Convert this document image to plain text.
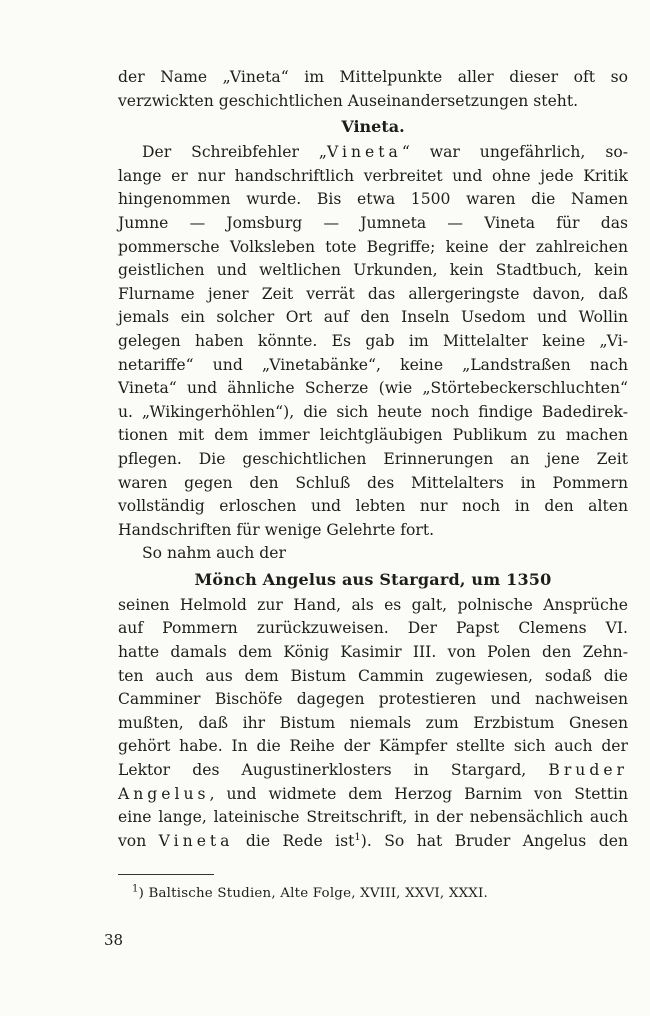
der Name „Vineta“ im Mittelpunkte aller dieser oft so
verzwickten geschichtlichen Auseinandersetzungen steht.
Vineta.
Der Schreibfehler „Vineta“ war ungefährlich, so-
lange er nur handschriftlich verbreitet und ohne jede Kritik
hingenommen wurde. Bis etwa 1500 waren die Namen
Jumne — Jomsburg — Jumneta — Vineta für das
pommersche Volksleben tote Begriffe; keine der zahlreichen
geistlichen und weltlichen Urkunden, kein Stadtbuch, kein
Flurname jener Zeit verrät das allergeringste davon, daß
jemals ein solcher Ort auf den Inseln Usedom und Wollin
gelegen haben könnte. Es gab im Mittelalter keine „Vi-
netariffe“ und „Vinetabänke“, keine „Landstraßen nach
Vineta“ und ähnliche Scherze (wie „Störtebeckerschluchten“
u. „Wikingerhöhlen“), die sich heute noch findige Badedirek-
tionen mit dem immer leichtgläubigen Publikum zu machen
pflegen. Die geschichtlichen Erinnerungen an jene Zeit
waren gegen den Schluß des Mittelalters in Pommern
vollständig erloschen und lebten nur noch in den alten
Handschriften für wenige Gelehrte fort.
So nahm auch der
Mönch Angelus aus Stargard, um 1350
seinen Helmold zur Hand, als es galt, polnische Ansprüche
auf Pommern zurückzuweisen. Der Papst Clemens VI.
hatte damals dem König Kasimir III. von Polen den Zehn-
ten auch aus dem Bistum Cammin zugewiesen, sodaß die
Camminer Bischöfe dagegen protestieren und nachweisen
mußten, daß ihr Bistum niemals zum Erzbistum Gnesen
gehört habe. In die Reihe der Kämpfer stellte sich auch der
Lektor des Augustinerklosters in Stargard, Bruder
Angelus, und widmete dem Herzog Barnim von Stettin
eine lange, lateinische Streitschrift, in der nebensächlich auch
von Vineta die Rede ist$^1$). So hat Bruder Angelus den
$^1$) Baltische Studien, Alte Folge, XVIII, XXVI, XXXI.
38
